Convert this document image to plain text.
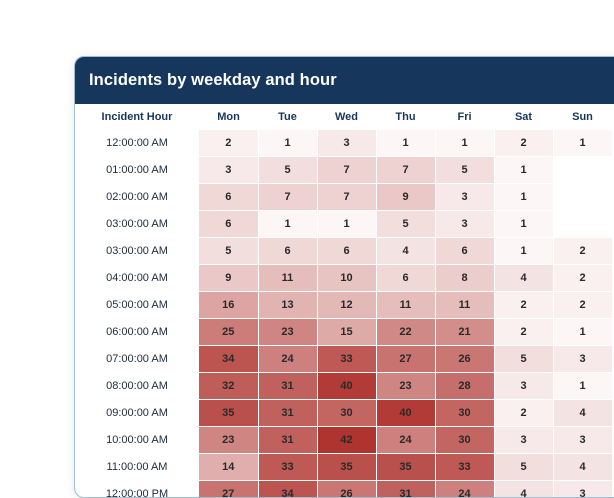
Incidents by weekday and hour
Incident Hour	Mon	Tue	Wed	Thu	Fri	Sat	Sun
12:00:00 AM	2	1	3	1	1	2	1
01:00:00 AM	3	5	7	7	5	1	
02:00:00 AM	6	7	7	9	3	1	
03:00:00 AM	6	1	1	5	3	1	
03:00:00 AM	5	6	6	4	6	1	2
04:00:00 AM	9	11	10	6	8	4	2
05:00:00 AM	16	13	12	11	11	2	2
06:00:00 AM	25	23	15	22	21	2	1
07:00:00 AM	34	24	33	27	26	5	3
08:00:00 AM	32	31	40	23	28	3	1
09:00:00 AM	35	31	30	40	30	2	4
10:00:00 AM	23	31	42	24	30	3	3
11:00:00 AM	14	33	35	35	33	5	4
12:00:00 PM	27	34	26	31	24	4	3
